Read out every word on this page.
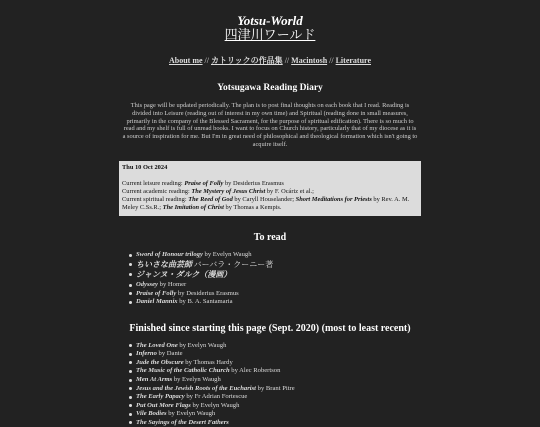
Yotsu-World
四津川ワールド
About me // カトリックの作品集 // Macintosh // Literature
Yotsugawa Reading Diary
This page will be updated periodically. The plan is to post final thoughts on each book that I read. Reading is divided into Leisure (reading out of interest in my own time) and Spiritual (reading done in small measures, primarily in the company of the Blessed Sacrament, for the purpose of spiritual edification). There is so much to read and my shelf is full of unread books. I want to focus on Church history, particularly that of my diocese as it is a source of inspiration for me. But I'm in great need of philosophical and theological formation which isn't going to acquire itself.
Thu 10 Oct 2024
Current leisure reading: Praise of Folly by Desiderius Erasmus
Current academic reading: The Mystery of Jesus Christ by F. Ocáriz et al.;
Current spiritual reading: The Reed of God by Caryll Houselander; Short Meditations for Priests by Rev. A. M. Meley C.Ss.R.; The Imitation of Christ by Thomas a Kempis.
To read
Sword of Honour trilogy by Evelyn Waugh
ちいさな曲芸師 バーバラ・クーニー著
ジャンヌ・ダルク（漫画）
Odyssey by Homer
Praise of Folly by Desiderius Erasmus
Daniel Mannix by B. A. Santamaria
Finished since starting this page (Sept. 2020) (most to least recent)
The Loved One by Evelyn Waugh
Inferno by Dante
Jude the Obscure by Thomas Hardy
The Music of the Catholic Church by Alec Robertson
Men At Arms by Evelyn Waugh
Jesus and the Jewish Roots of the Eucharist by Brant Pitre
The Early Papacy by Fr Adrian Fortescue
Put Out More Flags by Evelyn Waugh
Vile Bodies by Evelyn Waugh
The Sayings of the Desert Fathers
